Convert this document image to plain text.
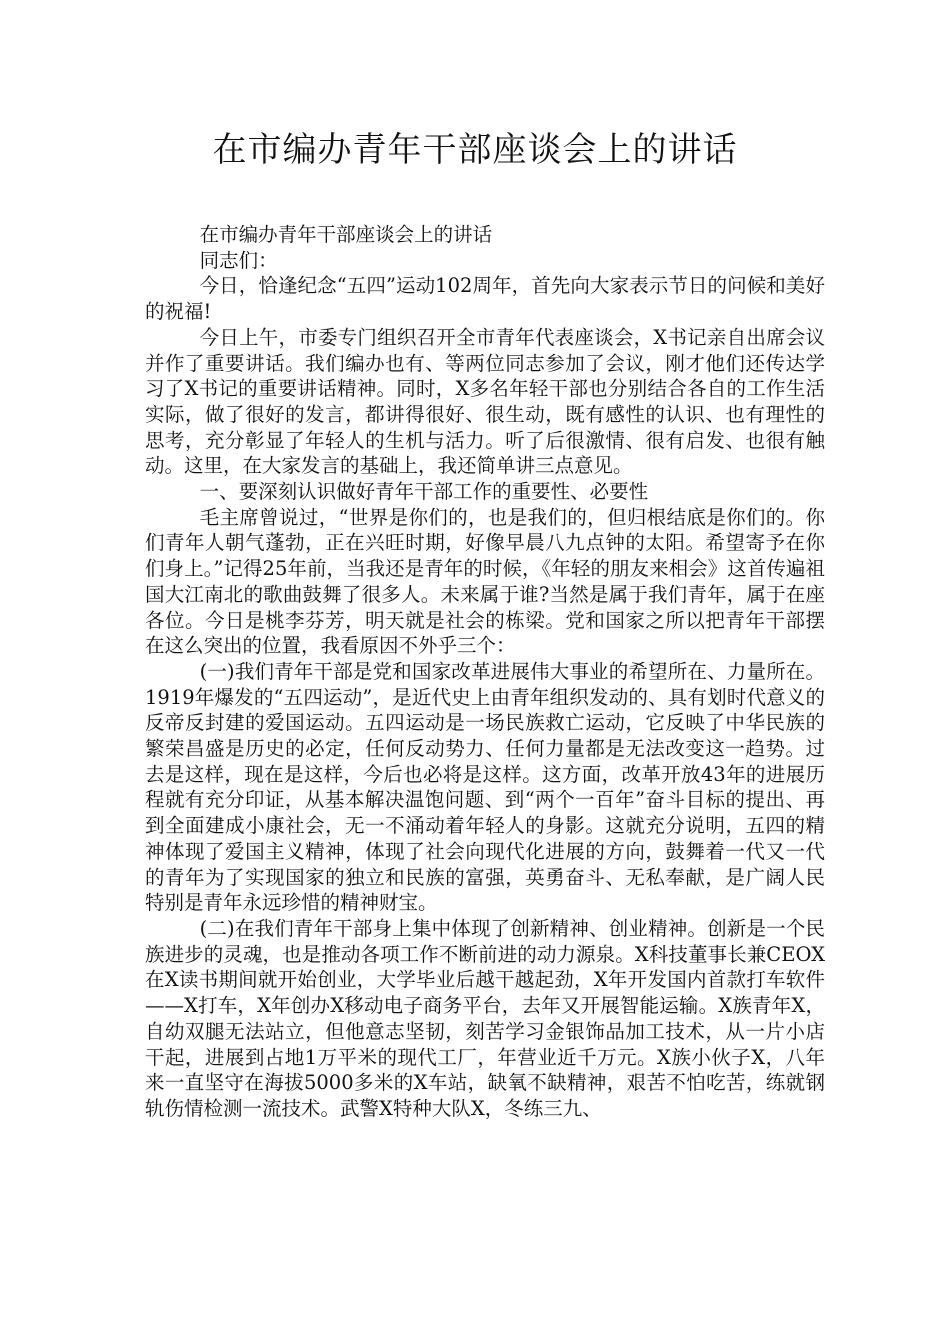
在市编办青年干部座谈会上的讲话

在市编办青年干部座谈会上的讲话

同志们：

今日，恰逢纪念“五四”运动102周年，首先向大家表示节日的问候和美好的祝福!

今日上午，市委专门组织召开全市青年代表座谈会，X书记亲自出席会议并作了重要讲话。我们编办也有、等两位同志参加了会议，刚才他们还传达学习了X书记的重要讲话精神。同时，X多名年轻干部也分别结合各自的工作生活实际，做了很好的发言，都讲得很好、很生动，既有感性的认识、也有理性的思考，充分彰显了年轻人的生机与活力。听了后很激情、很有启发、也很有触动。这里，在大家发言的基础上，我还简单讲三点意见。

一、要深刻认识做好青年干部工作的重要性、必要性

毛主席曾说过，“世界是你们的，也是我们的，但归根结底是你们的。你们青年人朝气蓬勃，正在兴旺时期，好像早晨八九点钟的太阳。希望寄予在你们身上。”记得25年前，当我还是青年的时候，《年轻的朋友来相会》这首传遍祖国大江南北的歌曲鼓舞了很多人。未来属于谁?当然是属于我们青年，属于在座各位。今日是桃李芬芳，明天就是社会的栋梁。党和国家之所以把青年干部摆在这么突出的位置，我看原因不外乎三个：

(一)我们青年干部是党和国家改革进展伟大事业的希望所在、力量所在。1919年爆发的“五四运动”，是近代史上由青年组织发动的、具有划时代意义的反帝反封建的爱国运动。五四运动是一场民族救亡运动，它反映了中华民族的繁荣昌盛是历史的必定，任何反动势力、任何力量都是无法改变这一趋势。过去是这样，现在是这样，今后也必将是这样。这方面，改革开放43年的进展历程就有充分印证，从基本解决温饱问题、到“两个一百年”奋斗目标的提出、再到全面建成小康社会，无一不涌动着年轻人的身影。这就充分说明，五四的精神体现了爱国主义精神，体现了社会向现代化进展的方向，鼓舞着一代又一代的青年为了实现国家的独立和民族的富强，英勇奋斗、无私奉献，是广阔人民特别是青年永远珍惜的精神财宝。

(二)在我们青年干部身上集中体现了创新精神、创业精神。创新是一个民族进步的灵魂，也是推动各项工作不断前进的动力源泉。X科技董事长兼CEOX在X读书期间就开始创业，大学毕业后越干越起劲，X年开发国内首款打车软件——X打车，X年创办X移动电子商务平台，去年又开展智能运输。X族青年X，自幼双腿无法站立，但他意志坚韧，刻苦学习金银饰品加工技术，从一片小店干起，进展到占地1万平米的现代工厂，年营业近千万元。X族小伙子X，八年来一直坚守在海拔5000多米的X车站，缺氧不缺精神，艰苦不怕吃苦，练就钢轨伤情检测一流技术。武警X特种大队X，冬练三九、
